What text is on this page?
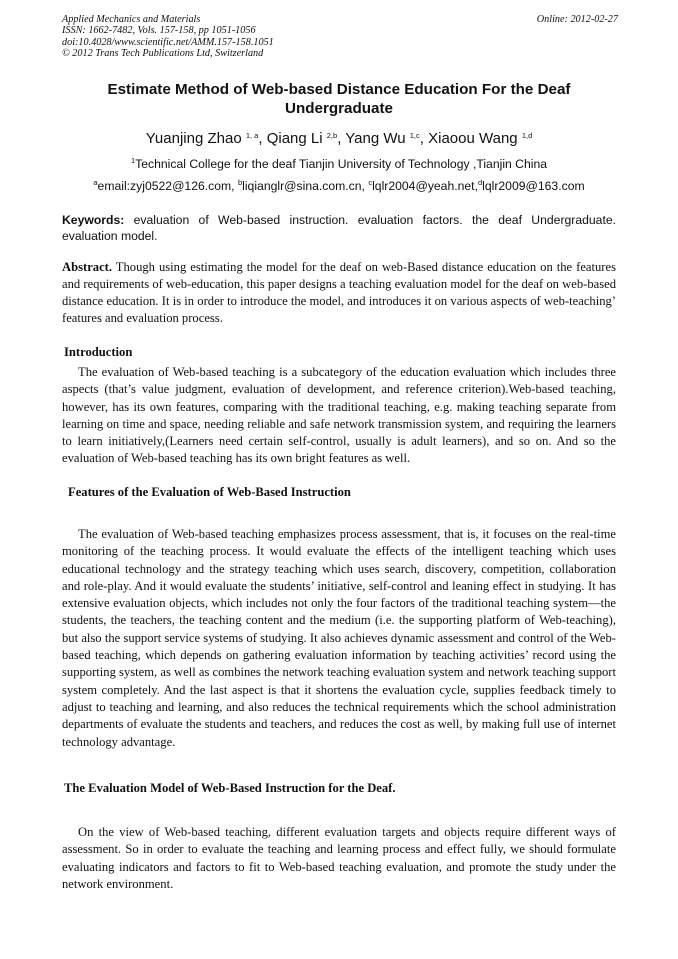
Applied Mechanics and Materials
ISSN: 1662-7482, Vols. 157-158, pp 1051-1056
doi:10.4028/www.scientific.net/AMM.157-158.1051
© 2012 Trans Tech Publications Ltd, Switzerland
Online: 2012-02-27
Estimate Method of Web-based Distance Education For the Deaf Undergraduate
Yuanjing Zhao $^{1, a}$, Qiang Li $^{2,b}$, Yang Wu $^{1,c}$, Xiaoou Wang $^{1,d}$
$^1$Technical College for the deaf Tianjin University of Technology ,Tianjin China
$^a$email:zyj0522@126.com, $^b$liqianglr@sina.com.cn, $^c$lqlr2004@yeah.net,$^d$lqlr2009@163.com
Keywords: evaluation of Web-based instruction. evaluation factors. the deaf Undergraduate. evaluation model.
Abstract. Though using estimating the model for the deaf on web-Based distance education on the features and requirements of web-education, this paper designs a teaching evaluation model for the deaf on web-based distance education. It is in order to introduce the model, and introduces it on various aspects of web-teaching’ features and evaluation process.
Introduction
The evaluation of Web-based teaching is a subcategory of the education evaluation which includes three aspects (that’s value judgment, evaluation of development, and reference criterion).Web-based teaching, however, has its own features, comparing with the traditional teaching, e.g. making teaching separate from learning on time and space, needing reliable and safe network transmission system, and requiring the learners to learn initiatively,(Learners need certain self-control, usually is adult learners), and so on. And so the evaluation of Web-based teaching has its own bright features as well.
Features of the Evaluation of Web-Based Instruction
The evaluation of Web-based teaching emphasizes process assessment, that is, it focuses on the real-time monitoring of the teaching process. It would evaluate the effects of the intelligent teaching which uses educational technology and the strategy teaching which uses search, discovery, competition, collaboration and role-play. And it would evaluate the students’ initiative, self-control and leaning effect in studying. It has extensive evaluation objects, which includes not only the four factors of the traditional teaching system—the students, the teachers, the teaching content and the medium (i.e. the supporting platform of Web-teaching), but also the support service systems of studying. It also achieves dynamic assessment and control of the Web-based teaching, which depends on gathering evaluation information by teaching activities’ record using the supporting system, as well as combines the network teaching evaluation system and network teaching support system completely. And the last aspect is that it shortens the evaluation cycle, supplies feedback timely to adjust to teaching and learning, and also reduces the technical requirements which the school administration departments of evaluate the students and teachers, and reduces the cost as well, by making full use of internet technology advantage.
The Evaluation Model of Web-Based Instruction for the Deaf.
On the view of Web-based teaching, different evaluation targets and objects require different ways of assessment. So in order to evaluate the teaching and learning process and effect fully, we should formulate evaluating indicators and factors to fit to Web-based teaching evaluation, and promote the study under the network environment.
